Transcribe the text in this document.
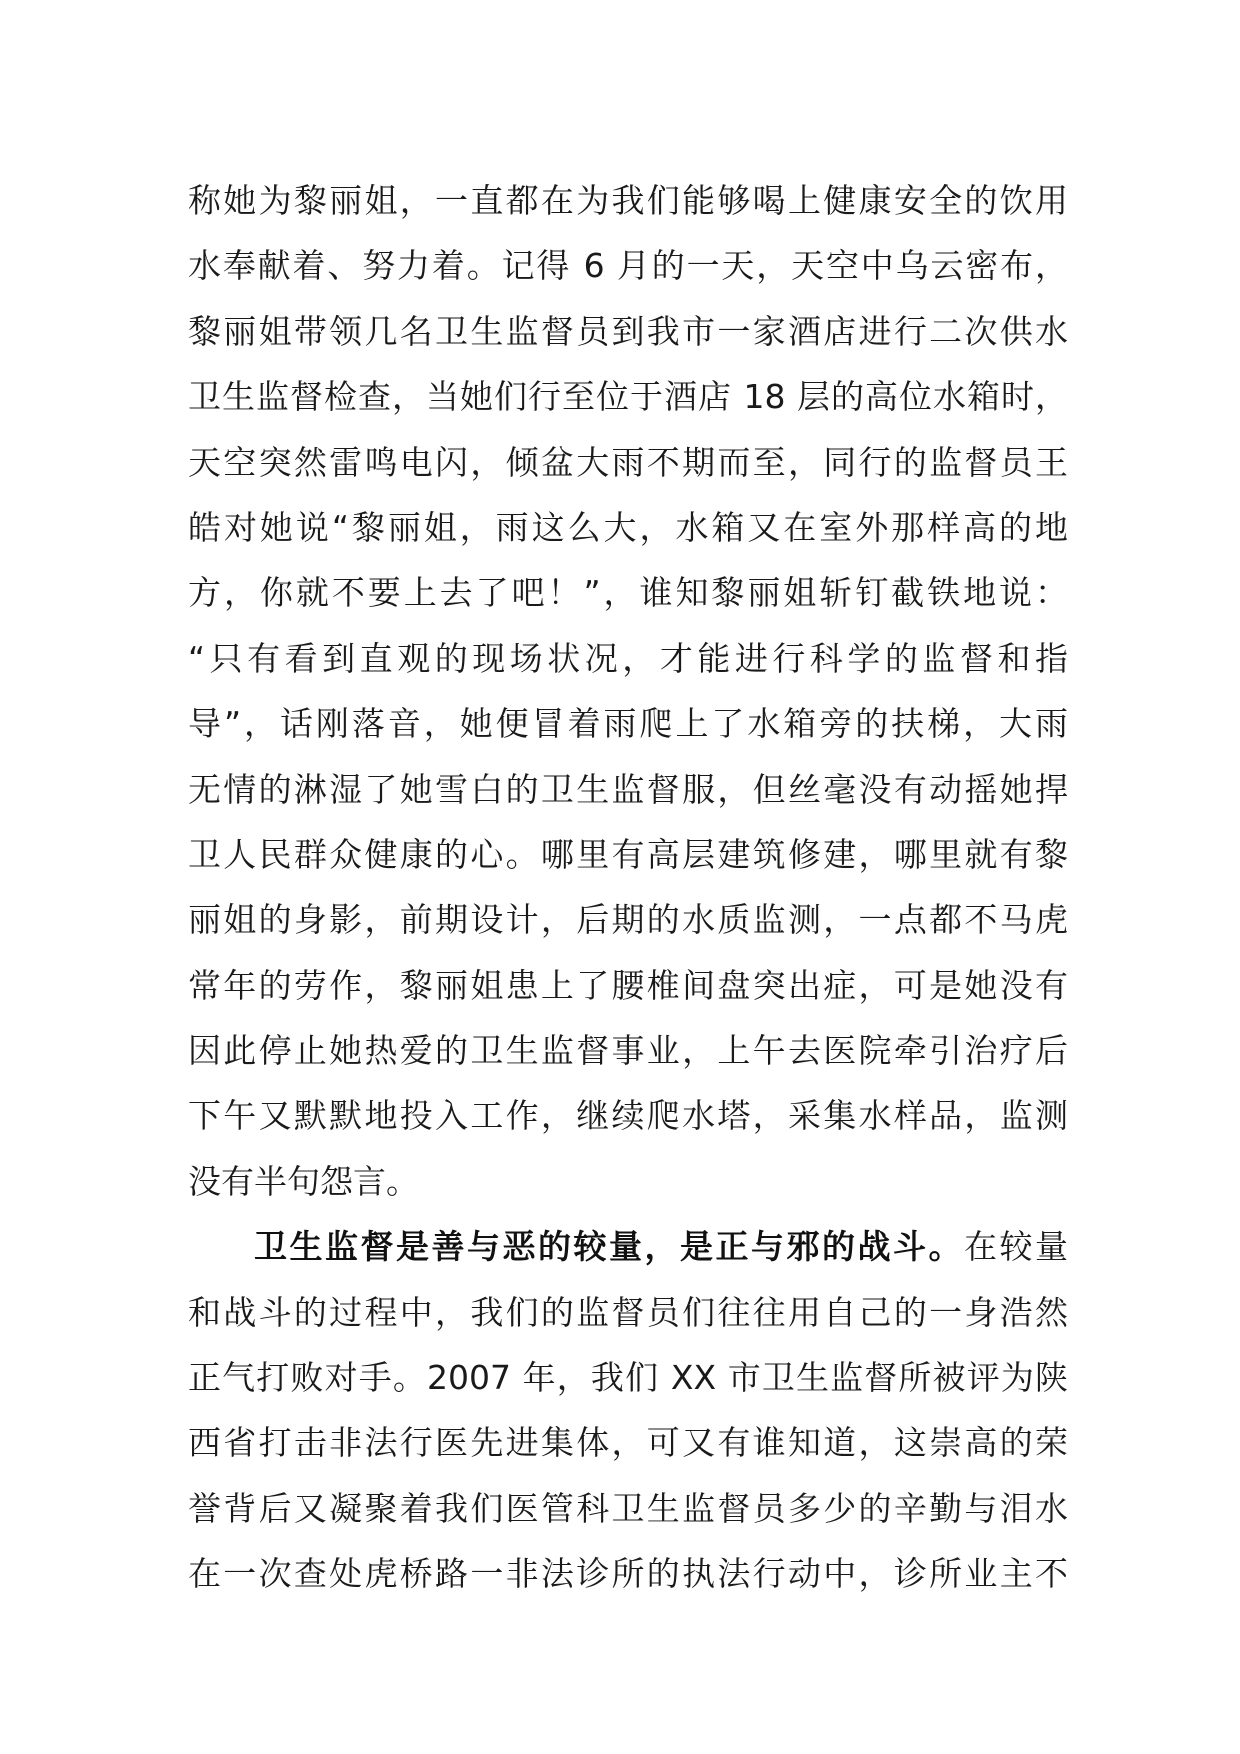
称她为黎丽姐，一直都在为我们能够喝上健康安全的饮用
水奉献着、努力着。记得 6 月的一天，天空中乌云密布，
黎丽姐带领几名卫生监督员到我市一家酒店进行二次供水
卫生监督检查，当她们行至位于酒店 18 层的高位水箱时，
天空突然雷鸣电闪，倾盆大雨不期而至，同行的监督员王
皓对她说“黎丽姐，雨这么大，水箱又在室外那样高的地
方，你就不要上去了吧！”，谁知黎丽姐斩钉截铁地说：
“只有看到直观的现场状况，才能进行科学的监督和指
导”，话刚落音，她便冒着雨爬上了水箱旁的扶梯，大雨
无情的淋湿了她雪白的卫生监督服，但丝毫没有动摇她捍
卫人民群众健康的心。哪里有高层建筑修建，哪里就有黎
丽姐的身影，前期设计，后期的水质监测，一点都不马虎
常年的劳作，黎丽姐患上了腰椎间盘突出症，可是她没有
因此停止她热爱的卫生监督事业，上午去医院牵引治疗后
下午又默默地投入工作，继续爬水塔，采集水样品，监测
没有半句怨言。
卫生监督是善与恶的较量，是正与邪的战斗。在较量
和战斗的过程中，我们的监督员们往往用自己的一身浩然
正气打败对手。2007 年，我们 XX 市卫生监督所被评为陕
西省打击非法行医先进集体，可又有谁知道，这崇高的荣
誉背后又凝聚着我们医管科卫生监督员多少的辛勤与泪水
在一次查处虎桥路一非法诊所的执法行动中，诊所业主不
